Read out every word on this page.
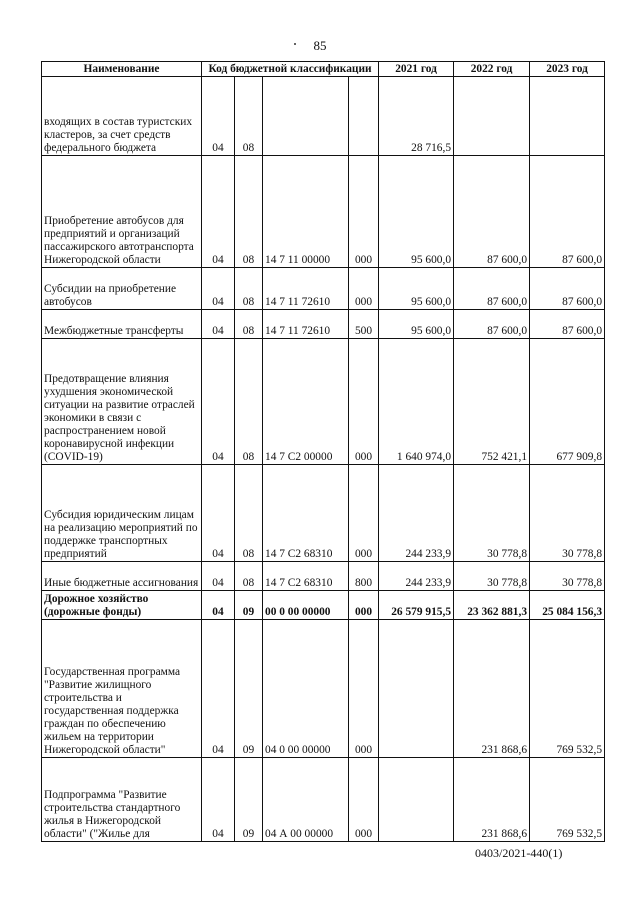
85
Наименование	Код бюджетной классификации				2021 год	2022 год	2023 год
входящих в состав туристских кластеров, за счет средств федерального бюджета	04	08			28 716,5		
Приобретение автобусов для предприятий и организаций пассажирского автотранспорта Нижегородской области	04	08	14 7 11 00000	000	95 600,0	87 600,0	87 600,0
Субсидии на приобретение автобусов	04	08	14 7 11 72610	000	95 600,0	87 600,0	87 600,0
Межбюджетные трансферты	04	08	14 7 11 72610	500	95 600,0	87 600,0	87 600,0
Предотвращение влияния ухудшения экономической ситуации на развитие отраслей экономики в связи с распространением новой коронавирусной инфекции (COVID-19)	04	08	14 7 C2 00000	000	1 640 974,0	752 421,1	677 909,8
Субсидия юридическим лицам на реализацию мероприятий по поддержке транспортных предприятий	04	08	14 7 C2 68310	000	244 233,9	30 778,8	30 778,8
Иные бюджетные ассигнования	04	08	14 7 C2 68310	800	244 233,9	30 778,8	30 778,8
Дорожное хозяйство (дорожные фонды)	04	09	00 0 00 00000	000	26 579 915,5	23 362 881,3	25 084 156,3
Государственная программа "Развитие жилищного строительства и государственная поддержка граждан по обеспечению жильем на территории Нижегородской области"	04	09	04 0 00 00000	000		231 868,6	769 532,5
Подпрограмма "Развитие строительства стандартного жилья в Нижегородской области" ("Жилье для	04	09	04 А 00 00000	000		231 868,6	769 532,5
0403/2021-440(1)
